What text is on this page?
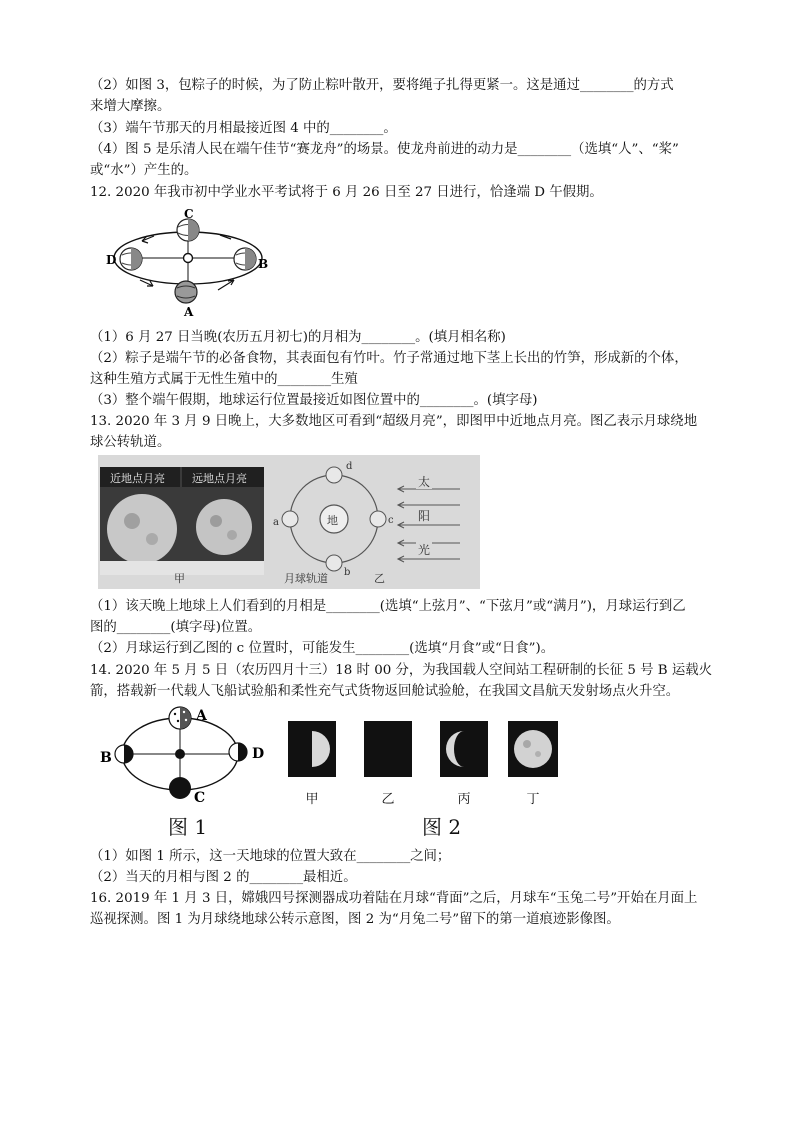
（2）如图 3，包粽子的时候，为了防止粽叶散开，要将绳子扎得更紧一。这是通过________的方式
来增大摩擦。
（3）端午节那天的月相最接近图 4 中的________。
（4）图 5 是乐清人民在端午佳节“赛龙舟”的场景。使龙舟前进的动力是________（选填“人”、“桨”
或“水”）产生的。
12. 2020 年我市初中学业水平考试将于 6 月 26 日至 27 日进行，恰逢端 D 午假期。
C
D	B
A
（1）6 月 27 日当晚(农历五月初七)的月相为________。(填月相名称)
（2）粽子是端午节的必备食物，其表面包有竹叶。竹子常通过地下茎上长出的竹笋，形成新的个体，
这种生殖方式属于无性生殖中的________生殖
（3）整个端午假期，地球运行位置最接近如图位置中的________。(填字母)
13. 2020 年 3 月 9 日晚上，大多数地区可看到“超级月亮”，即图甲中近地点月亮。图乙表示月球绕地
球公转轨道。
近地点月亮 远地点月亮
甲
地
d
a	c
b
月球轨道	乙
太
阳
光
（1）该天晚上地球上人们看到的月相是________(选填“上弦月”、“下弦月”或“满月”)，月球运行到乙
图的________(填字母)位置。
（2）月球运行到乙图的 c 位置时，可能发生________(选填“月食”或“日食”)。
14. 2020 年 5 月 5 日（农历四月十三）18 时 00 分，为我国载人空间站工程研制的长征 5 号 B 运载火
箭，搭载新一代载人飞船试验船和柔性充气式货物返回舱试验舱，在我国文昌航天发射场点火升空。
A
B	D
C
图 1
甲	乙	丙	丁
图 2
（1）如图 1 所示，这一天地球的位置大致在________之间；
（2）当天的月相与图 2 的________最相近。
16. 2019 年 1 月 3 日，嫦娥四号探测器成功着陆在月球“背面”之后，月球车“玉兔二号”开始在月面上
巡视探测。图 1 为月球绕地球公转示意图，图 2 为“月兔二号”留下的第一道痕迹影像图。
